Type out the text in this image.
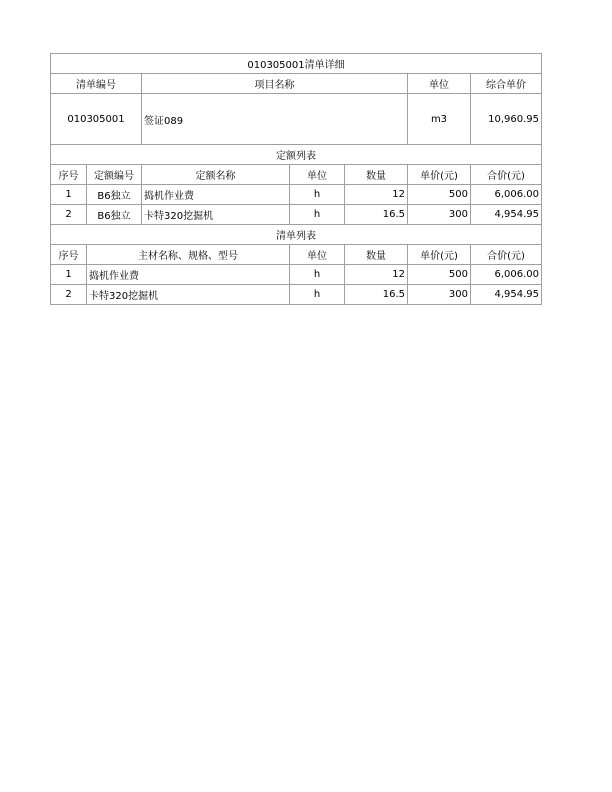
010305001清单详细						
清单编号		项目名称			单位	综合单价
010305001		签证089			m3	10,960.95
定额列表						
序号	定额编号	定额名称	单位	数量	单价(元)	合价(元)
1	B6独立	捣机作业费	h	12	500	6,006.00
2	B6独立	卡特320挖掘机	h	16.5	300	4,954.95
清单列表						
序号	主材名称、规格、型号		单位	数量	单价(元)	合价(元)
1	捣机作业费		h	12	500	6,006.00
2	卡特320挖掘机		h	16.5	300	4,954.95
